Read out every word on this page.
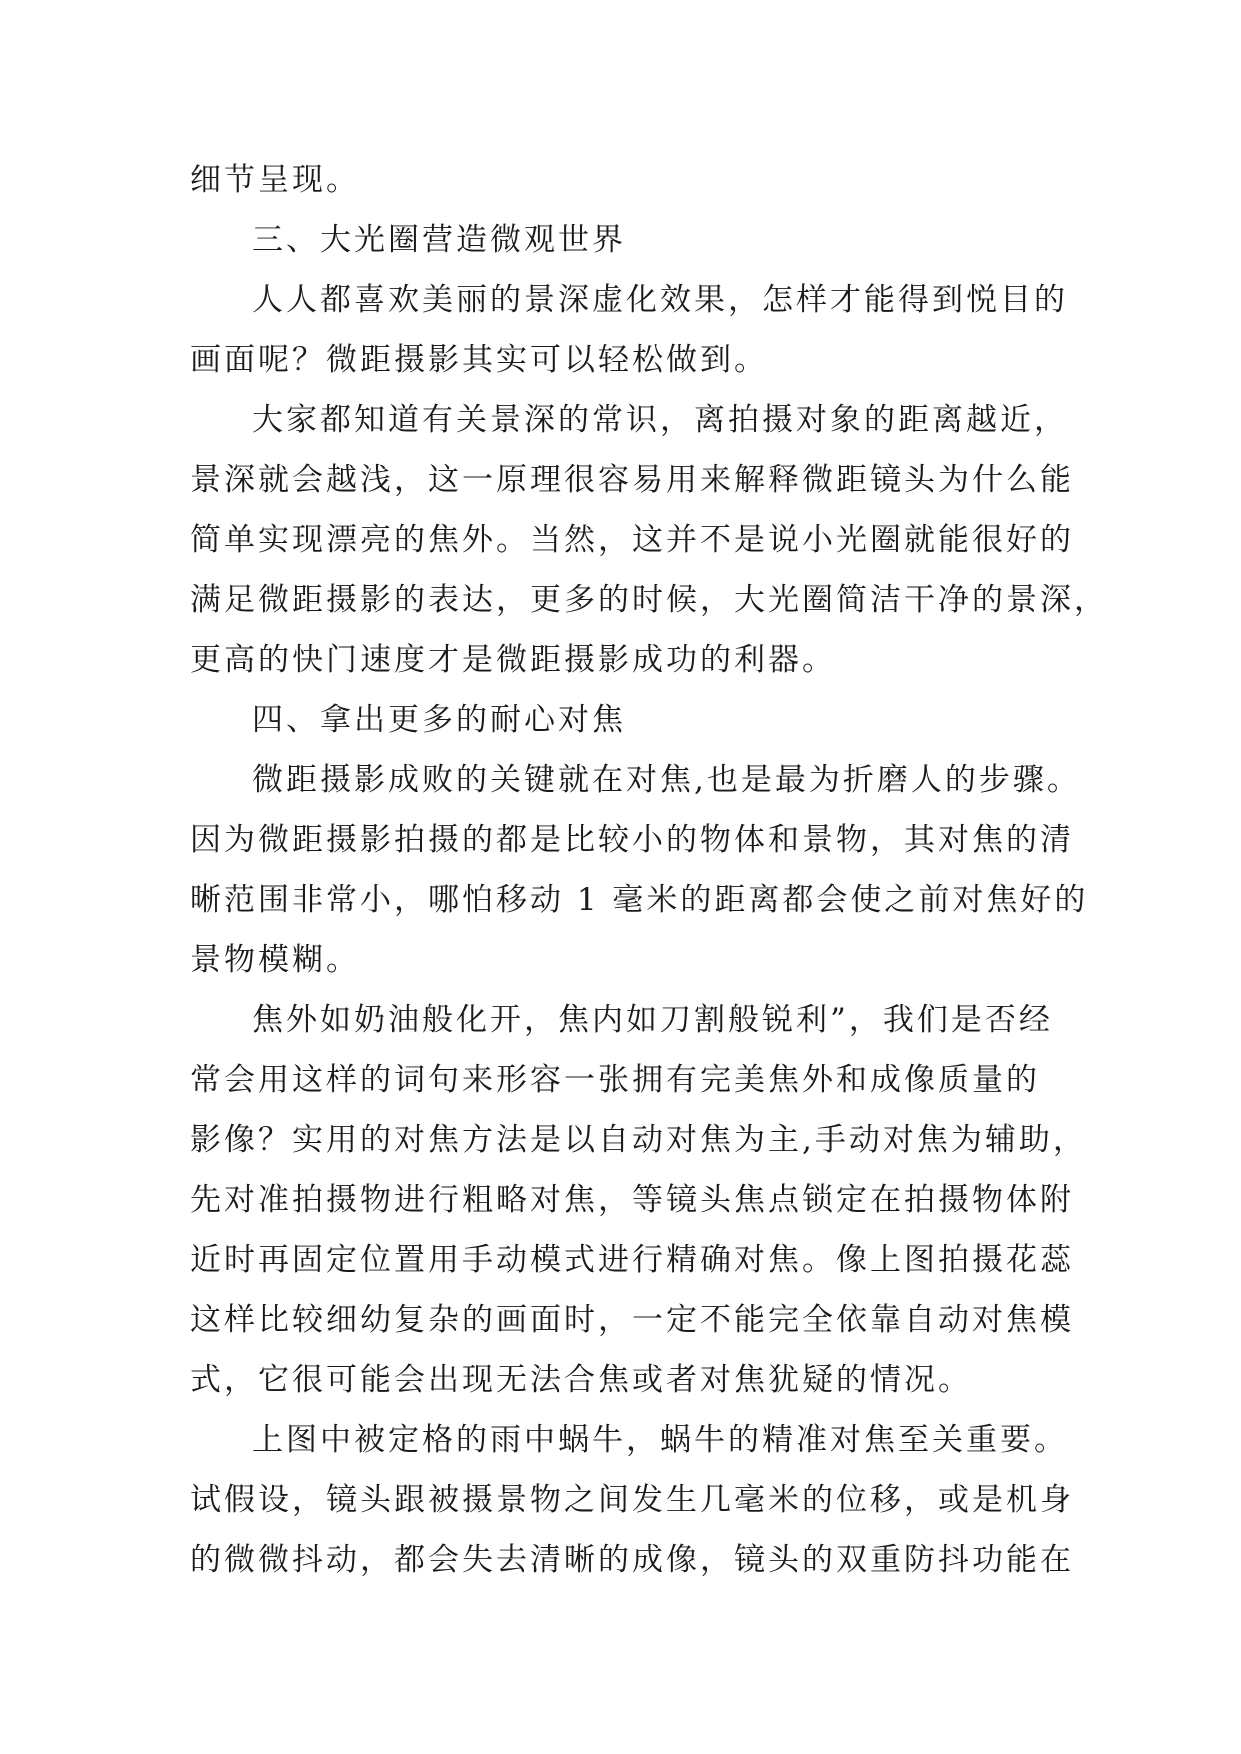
细节呈现。
三、大光圈营造微观世界
人人都喜欢美丽的景深虚化效果，怎样才能得到悦目的
画面呢？微距摄影其实可以轻松做到。
大家都知道有关景深的常识，离拍摄对象的距离越近，
景深就会越浅，这一原理很容易用来解释微距镜头为什么能
简单实现漂亮的焦外。当然，这并不是说小光圈就能很好的
满足微距摄影的表达，更多的时候，大光圈简洁干净的景深，
更高的快门速度才是微距摄影成功的利器。
四、拿出更多的耐心对焦
微距摄影成败的关键就在对焦,也是最为折磨人的步骤。
因为微距摄影拍摄的都是比较小的物体和景物，其对焦的清
晰范围非常小，哪怕移动 1 毫米的距离都会使之前对焦好的
景物模糊。
焦外如奶油般化开，焦内如刀割般锐利”，我们是否经
常会用这样的词句来形容一张拥有完美焦外和成像质量的
影像？实用的对焦方法是以自动对焦为主,手动对焦为辅助，
先对准拍摄物进行粗略对焦，等镜头焦点锁定在拍摄物体附
近时再固定位置用手动模式进行精确对焦。像上图拍摄花蕊
这样比较细幼复杂的画面时，一定不能完全依靠自动对焦模
式，它很可能会出现无法合焦或者对焦犹疑的情况。
上图中被定格的雨中蜗牛，蜗牛的精准对焦至关重要。
试假设，镜头跟被摄景物之间发生几毫米的位移，或是机身
的微微抖动，都会失去清晰的成像，镜头的双重防抖功能在
